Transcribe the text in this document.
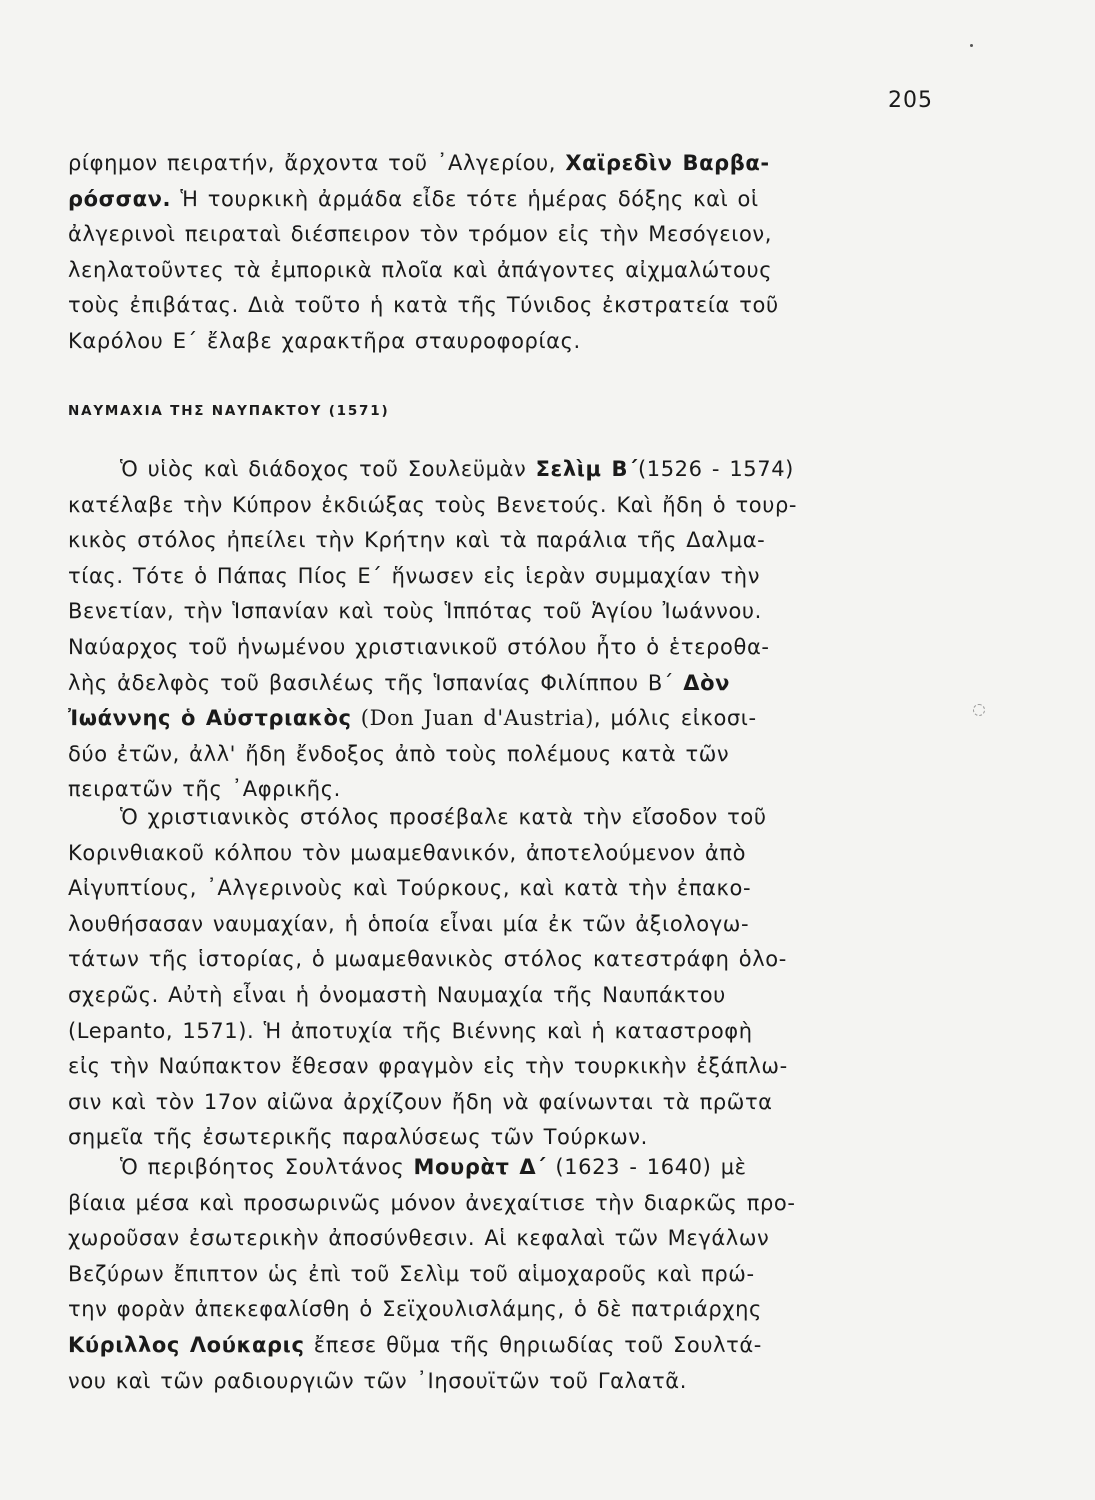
205
ρίφημον πειρατήν, ἄρχοντα τοῦ ᾿Αλγερίου, Χαϊρεδὶν Βαρβα-
ρόσσαν. Ἡ τουρκικὴ ἀρμάδα εἶδε τότε ἡμέρας δόξης καὶ οἱ
ἀλγερινοὶ πειραταὶ διέσπειρον τὸν τρόμον εἰς τὴν Μεσόγειον,
λεηλατοῦντες τὰ ἐμπορικὰ πλοῖα καὶ ἀπάγοντες αἰχμαλώτους
τοὺς ἐπιβάτας. Διὰ τοῦτο ἡ κατὰ τῆς Τύνιδος ἐκστρατεία τοῦ
Καρόλου Ε΄ ἔλαβε χαρακτῆρα σταυροφορίας.
ΝΑΥΜΑΧΙΑ ΤΗΣ ΝΑΥΠΑΚΤΟΥ (1571)
Ὁ υἱὸς καὶ διάδοχος τοῦ Σουλεϋμὰν Σελὶμ Β΄(1526 - 1574)
κατέλαβε τὴν Κύπρον ἐκδιώξας τοὺς Βενετούς. Καὶ ἤδη ὁ τουρ-
κικὸς στόλος ἠπείλει τὴν Κρήτην καὶ τὰ παράλια τῆς Δαλμα-
τίας. Τότε ὁ Πάπας Πίος Ε΄ ἥνωσεν εἰς ἱερὰν συμμαχίαν τὴν
Βενετίαν, τὴν Ἱσπανίαν καὶ τοὺς Ἱππότας τοῦ Ἁγίου Ἰωάννου.
Ναύαρχος τοῦ ἡνωμένου χριστιανικοῦ στόλου ἦτο ὁ ἑτεροθα-
λὴς ἀδελφὸς τοῦ βασιλέως τῆς Ἱσπανίας Φιλίππου Β΄ Δὸν
Ἰωάννης ὁ Αὐστριακὸς (Don Juan d'Austria), μόλις εἰκοσι-
δύο ἐτῶν, ἀλλ' ἤδη ἔνδοξος ἀπὸ τοὺς πολέμους κατὰ τῶν
πειρατῶν τῆς ᾿Αφρικῆς.
Ὁ χριστιανικὸς στόλος προσέβαλε κατὰ τὴν εἴσοδον τοῦ
Κορινθιακοῦ κόλπου τὸν μωαμεθανικόν, ἀποτελούμενον ἀπὸ
Αἰγυπτίους, ᾿Αλγερινοὺς καὶ Τούρκους, καὶ κατὰ τὴν ἐπακο-
λουθήσασαν ναυμαχίαν, ἡ ὁποία εἶναι μία ἐκ τῶν ἀξιολογω-
τάτων τῆς ἱστορίας, ὁ μωαμεθανικὸς στόλος κατεστράφη ὁλο-
σχερῶς. Αὐτὴ εἶναι ἡ ὀνομαστὴ Ναυμαχία τῆς Ναυπάκτου
(Lepanto, 1571). Ἡ ἀποτυχία τῆς Βιέννης καὶ ἡ καταστροφὴ
εἰς τὴν Ναύπακτον ἔθεσαν φραγμὸν εἰς τὴν τουρκικὴν ἐξάπλω-
σιν καὶ τὸν 17ον αἰῶνα ἀρχίζουν ἤδη νὰ φαίνωνται τὰ πρῶτα
σημεῖα τῆς ἐσωτερικῆς παραλύσεως τῶν Τούρκων.
Ὁ περιβόητος Σουλτάνος Μουρὰτ Δ΄ (1623 - 1640) μὲ
βίαια μέσα καὶ προσωρινῶς μόνον ἀνεχαίτισε τὴν διαρκῶς προ-
χωροῦσαν ἐσωτερικὴν ἀποσύνθεσιν. Αἱ κεφαλαὶ τῶν Μεγάλων
Βεζύρων ἔπιπτον ὡς ἐπὶ τοῦ Σελὶμ τοῦ αἱμοχαροῦς καὶ πρώ-
την φορὰν ἀπεκεφαλίσθη ὁ Σεϊχουλισλάμης, ὁ δὲ πατριάρχης
Κύριλλος Λούκαρις ἔπεσε θῦμα τῆς θηριωδίας τοῦ Σουλτά-
νου καὶ τῶν ραδιουργιῶν τῶν ᾿Ιησουϊτῶν τοῦ Γαλατᾶ.
